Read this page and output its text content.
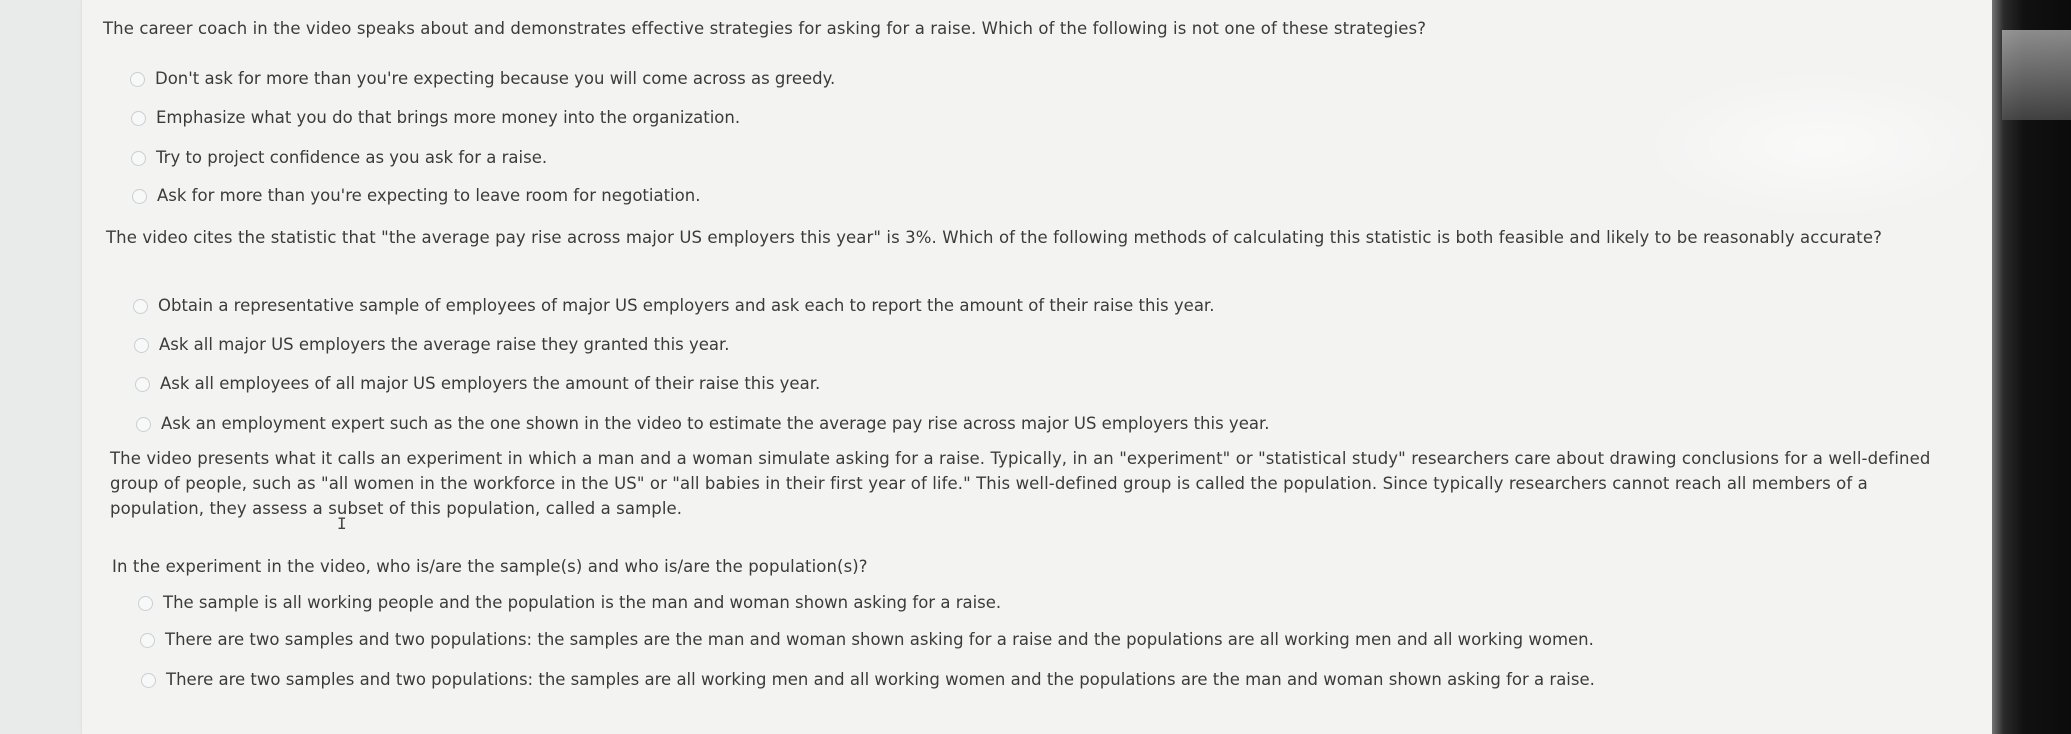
The career coach in the video speaks about and demonstrates effective strategies for asking for a raise. Which of the following is not one of these strategies?
Don't ask for more than you're expecting because you will come across as greedy.
Emphasize what you do that brings more money into the organization.
Try to project confidence as you ask for a raise.
Ask for more than you're expecting to leave room for negotiation.
The video cites the statistic that "the average pay rise across major US employers this year" is 3%. Which of the following methods of calculating this statistic is both feasible and likely to be reasonably accurate?
Obtain a representative sample of employees of major US employers and ask each to report the amount of their raise this year.
Ask all major US employers the average raise they granted this year.
Ask all employees of all major US employers the amount of their raise this year.
Ask an employment expert such as the one shown in the video to estimate the average pay rise across major US employers this year.
The video presents what it calls an experiment in which a man and a woman simulate asking for a raise. Typically, in an "experiment" or "statistical study" researchers care about drawing conclusions for a well-defined group of people, such as "all women in the workforce in the US" or "all babies in their first year of life." This well-defined group is called the population. Since typically researchers cannot reach all members of a population, they assess a subset of this population, called a sample.
I
In the experiment in the video, who is/are the sample(s) and who is/are the population(s)?
The sample is all working people and the population is the man and woman shown asking for a raise.
There are two samples and two populations: the samples are the man and woman shown asking for a raise and the populations are all working men and all working women.
There are two samples and two populations: the samples are all working men and all working women and the populations are the man and woman shown asking for a raise.
